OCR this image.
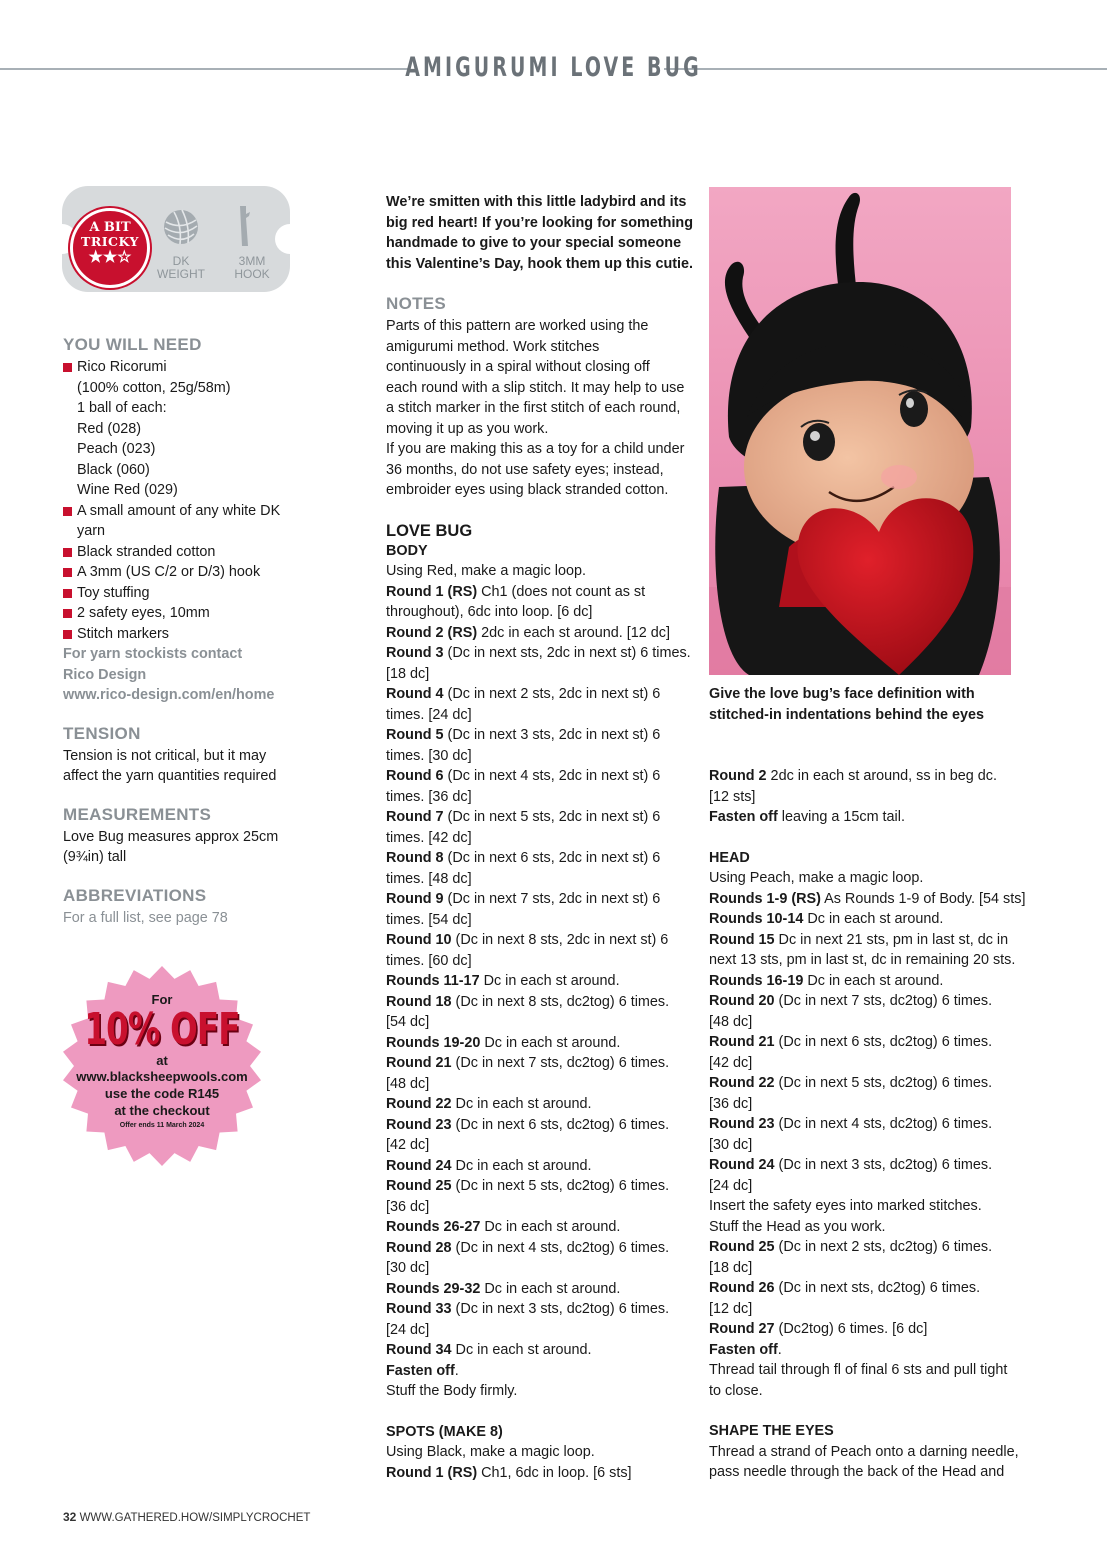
AMIGURUMI LOVE BUG
A BIT
TRICKY
★★☆	DK
WEIGHT
3MM
HOOK
YOU WILL NEED
Rico Ricorumi
(100% cotton, 25g/58m)
1 ball of each:
Red (028)
Peach (023)
Black (060)
Wine Red (029)
A small amount of any white DK
yarn
Black stranded cotton
A 3mm (US C/2 or D/3) hook
Toy stuffing
2 safety eyes, 10mm
Stitch markers

For yarn stockists contact

Rico Design

www.rico-design.com/en/home

TENSION

Tension is not critical, but it may

affect the yarn quantities required

MEASUREMENTS

Love Bug measures approx 25cm

(9¾in) tall

ABBREVIATIONS

For a full list, see page 78

For
10% OFF
at
www.blacksheepwools.com
use the code R145
at the checkout
Offer ends 11 March 2024

We’re smitten with this little ladybird and its

big red heart! If you’re looking for something

handmade to give to your special someone

this Valentine’s Day, hook them up this cutie.

NOTES

Parts of this pattern are worked using the

amigurumi method. Work stitches

continuously in a spiral without closing off

each round with a slip stitch. It may help to use

a stitch marker in the first stitch of each round,

moving it up as you work.

If you are making this as a toy for a child under

36 months, do not use safety eyes; instead,

embroider eyes using black stranded cotton.

LOVE BUG
BODY

Using Red, make a magic loop.

Round 1 (RS) Ch1 (does not count as st

throughout), 6dc into loop. [6 dc]

Round 2 (RS) 2dc in each st around. [12 dc]

Round 3 (Dc in next sts, 2dc in next st) 6 times.

[18 dc]

Round 4 (Dc in next 2 sts, 2dc in next st) 6

times. [24 dc]

Round 5 (Dc in next 3 sts, 2dc in next st) 6

times. [30 dc]

Round 6 (Dc in next 4 sts, 2dc in next st) 6

times. [36 dc]

Round 7 (Dc in next 5 sts, 2dc in next st) 6

times. [42 dc]

Round 8 (Dc in next 6 sts, 2dc in next st) 6

times. [48 dc]

Round 9 (Dc in next 7 sts, 2dc in next st) 6

times. [54 dc]

Round 10 (Dc in next 8 sts, 2dc in next st) 6

times. [60 dc]

Rounds 11-17 Dc in each st around.

Round 18 (Dc in next 8 sts, dc2tog) 6 times.

[54 dc]

Rounds 19-20 Dc in each st around.

Round 21 (Dc in next 7 sts, dc2tog) 6 times.

[48 dc]

Round 22 Dc in each st around.

Round 23 (Dc in next 6 sts, dc2tog) 6 times.

[42 dc]

Round 24 Dc in each st around.

Round 25 (Dc in next 5 sts, dc2tog) 6 times.

[36 dc]

Rounds 26-27 Dc in each st around.

Round 28 (Dc in next 4 sts, dc2tog) 6 times.

[30 dc]

Rounds 29-32 Dc in each st around.

Round 33 (Dc in next 3 sts, dc2tog) 6 times.

[24 dc]

Round 34 Dc in each st around.

Fasten off.

Stuff the Body firmly.

SPOTS (MAKE 8)

Using Black, make a magic loop.

Round 1 (RS) Ch1, 6dc in loop. [6 sts]

Give the love bug’s face definition with

stitched-in indentations behind the eyes

Round 2 2dc in each st around, ss in beg dc.

[12 sts]

Fasten off leaving a 15cm tail.

HEAD

Using Peach, make a magic loop.

Rounds 1-9 (RS) As Rounds 1-9 of Body. [54 sts]

Rounds 10-14 Dc in each st around.

Round 15 Dc in next 21 sts, pm in last st, dc in

next 13 sts, pm in last st, dc in remaining 20 sts.

Rounds 16-19 Dc in each st around.

Round 20 (Dc in next 7 sts, dc2tog) 6 times.

[48 dc]

Round 21 (Dc in next 6 sts, dc2tog) 6 times.

[42 dc]

Round 22 (Dc in next 5 sts, dc2tog) 6 times.

[36 dc]

Round 23 (Dc in next 4 sts, dc2tog) 6 times.

[30 dc]

Round 24 (Dc in next 3 sts, dc2tog) 6 times.

[24 dc]

Insert the safety eyes into marked stitches.

Stuff the Head as you work.

Round 25 (Dc in next 2 sts, dc2tog) 6 times.

[18 dc]

Round 26 (Dc in next sts, dc2tog) 6 times.

[12 dc]

Round 27 (Dc2tog) 6 times. [6 dc]

Fasten off.

Thread tail through fl of final 6 sts and pull tight

to close.

SHAPE THE EYES

Thread a strand of Peach onto a darning needle,

pass needle through the back of the Head and

32 WWW.GATHERED.HOW/SIMPLYCROCHET
